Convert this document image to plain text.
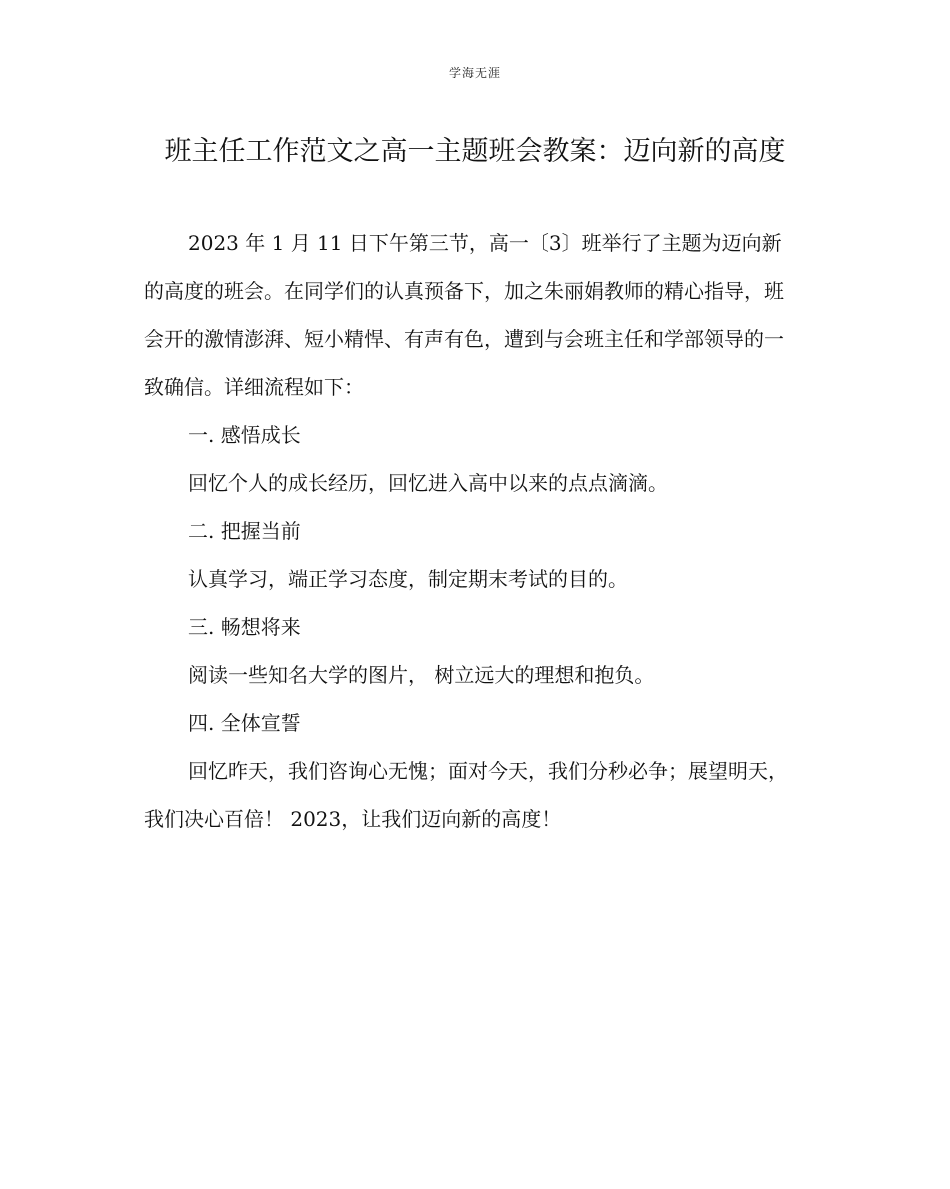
学海无涯
班主任工作范文之高一主题班会教案：迈向新的高度

2023 年 1 月 11 日下午第三节，高一〔3〕班举行了主题为迈向新的高度的班会。在同学们的认真预备下，加之朱丽娟教师的精心指导，班会开的激情澎湃、短小精悍、有声有色，遭到与会班主任和学部领导的一致确信。详细流程如下：

一. 感悟成长

回忆个人的成长经历，回忆进入高中以来的点点滴滴。

二. 把握当前

认真学习，端正学习态度，制定期末考试的目的。

三. 畅想将来

阅读一些知名大学的图片， 树立远大的理想和抱负。

四. 全体宣誓

回忆昨天，我们咨询心无愧；面对今天，我们分秒必争；展望明天，我们决心百倍！ 2023，让我们迈向新的高度！
